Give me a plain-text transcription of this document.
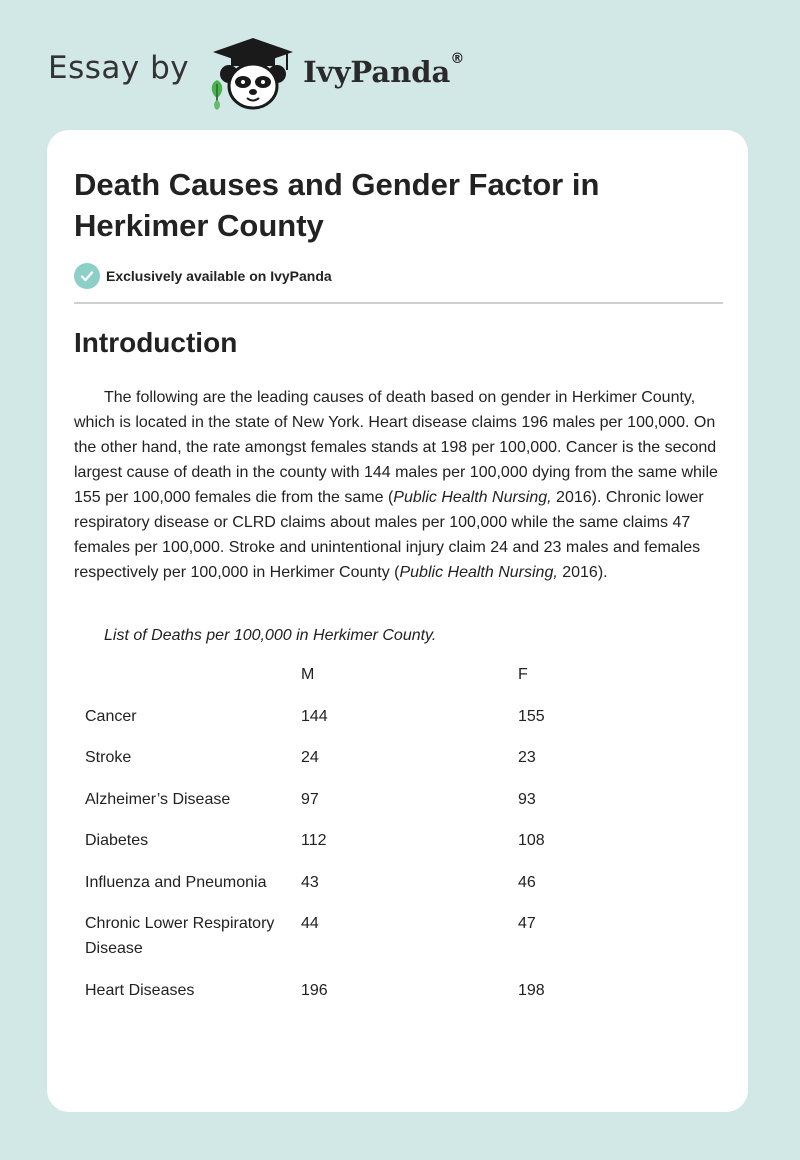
Essay by	IvyPanda®
Death Causes and Gender Factor in Herkimer County
Exclusively available on IvyPanda
Introduction

The following are the leading causes of death based on gender in Herkimer County, which is located in the state of New York. Heart disease claims 196 males per 100,000. On the other hand, the rate amongst females stands at 198 per 100,000. Cancer is the second largest cause of death in the county with 144 males per 100,000 dying from the same while 155 per 100,000 females die from the same (Public Health Nursing, 2016). Chronic lower respiratory disease or CLRD claims about males per 100,000 while the same claims 47 females per 100,000. Stroke and unintentional injury claim 24 and 23 males and females respectively per 100,000 in Herkimer County (Public Health Nursing, 2016).

List of Deaths per 100,000 in Herkimer County.

	M	F
Cancer	144	155
Stroke	24	23
Alzheimer’s Disease	97	93
Diabetes	112	108
Influenza and Pneumonia	43	46
Chronic Lower Respiratory Disease	44	47
Heart Diseases	196	198
